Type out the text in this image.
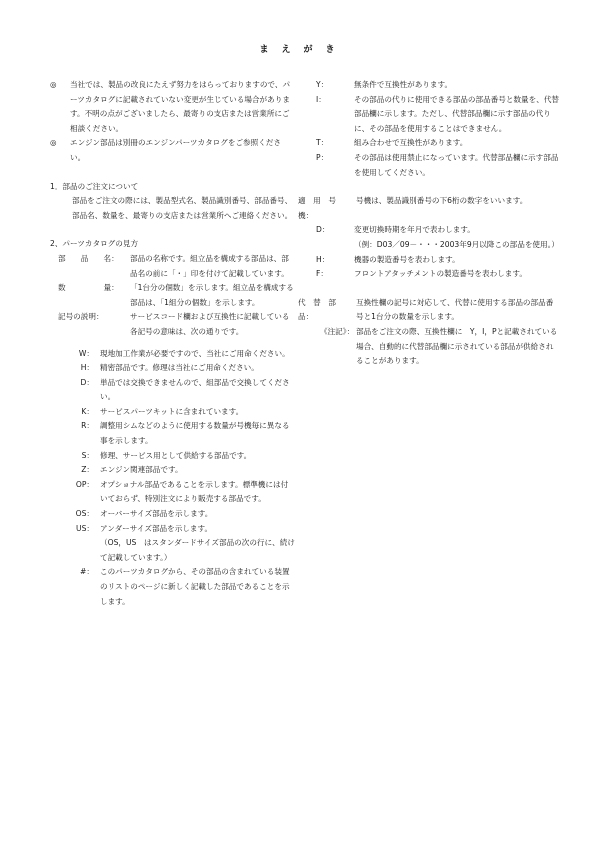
ま　え　が　き
◎	当社では、製品の改良にたえず努力をはらっておりますので、パーツカタログに記載されていない変更が生じている場合があります。不明の点がございましたら、最寄りの支店または営業所にご相談ください。
◎	エンジン部品は別冊のエンジンパーツカタログをご参照ください。
1．部品のご注文について
部品をご注文の際には、製品型式名、製品識別番号、部品番号、部品名、数量を、最寄りの支店または営業所へご連絡ください。
2、パーツカタログの見方
部　　品　　名：	部品の名称です。組立品を構成する部品は、部品名の前に「・」印を付けて記載しています。
数　　　　　量：	「1台分の個数」を示します。組立品を構成する部品は、「1組分の個数」を示します。
記号の説明：	サービスコード欄および互換性に記載している各記号の意味は、次の通りです。
W： 現地加工作業が必要ですので、当社にご用命ください。
H： 精密部品です。修理は当社にご用命ください。
D： 単品では交換できませんので、組部品で交換してください。
K： サービスパーツキットに含まれています。
R： 調整用シムなどのように使用する数量が号機毎に異なる事を示します。
S： 修理、サービス用として供給する部品です。
Z： エンジン関連部品です。
OP： オプショナル部品であることを示します。標準機には付いておらず、特別注文により販売する部品です。
OS： オーバーサイズ部品を示します。
US： アンダーサイズ部品を示します。
（OS，US　はスタンダードサイズ部品の次の行に、続けて記載しています。）
#： このパーツカタログから、その部品の含まれている装置のリストのページに新しく記載した部品であることを示します。
Y：	無条件で互換性があります。
I：	その部品の代りに使用できる部品の部品番号と数量を、代替部品欄に示します。ただし、代替部品欄に示す部品の代りに、その部品を使用することはできません。
T：	組み合わせで互換性があります。
P：	その部品は使用禁止になっています。代替部品欄に示す部品を使用してください。
適　用　号　機：
号機は、製品識別番号の下6桁の数字をいいます。
D：	変更切換時期を年月で表わします。
（例：D03／09－・・・2003年9月以降この部品を使用。）
H：	機器の製造番号を表わします。
F：	フロントアタッチメントの製造番号を表わします。
代　替　部　品：
互換性欄の記号に対応して、代替に使用する部品の部品番号と1台分の数量を示します。
《注記》： 部品をご注文の際、互換性欄に　Y，I，Pと記載されている場合、自動的に代替部品欄に示されている部品が供給されることがあります。
